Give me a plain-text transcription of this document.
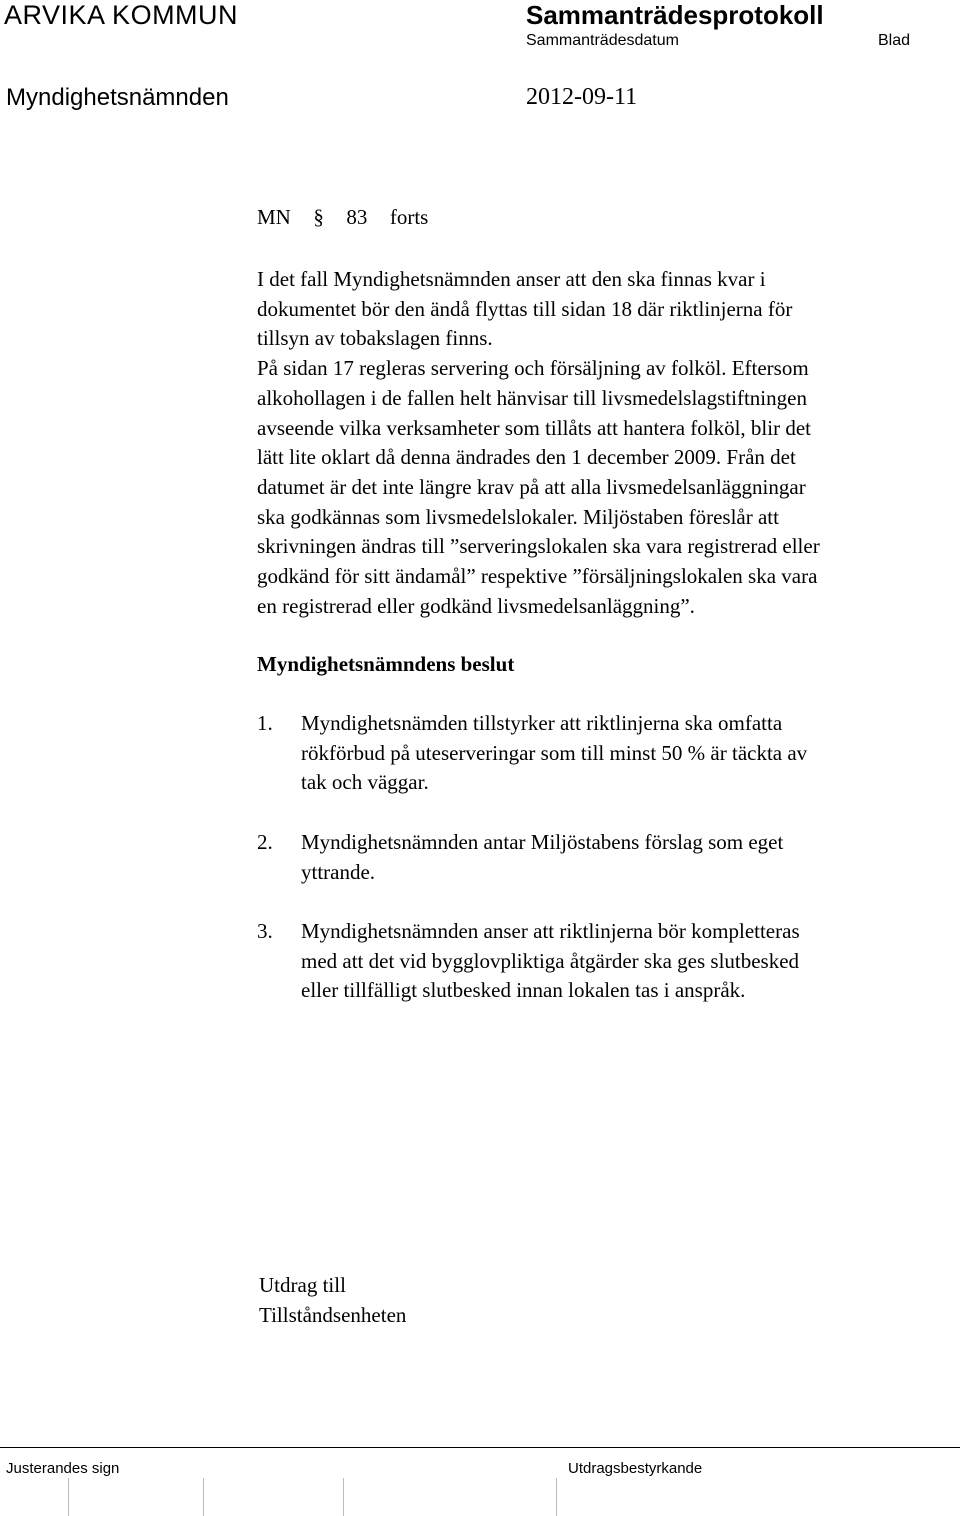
ARVIKA KOMMUN	Sammanträdesprotokoll
Sammanträdesdatum	Blad
Myndighetsnämnden	2012-09-11
MN § 83 forts
I det fall Myndighetsnämnden anser att den ska finnas kvar i
dokumentet bör den ändå flyttas till sidan 18 där riktlinjerna för
tillsyn av tobakslagen finns.
På sidan 17 regleras servering och försäljning av folköl. Eftersom
alkohollagen i de fallen helt hänvisar till livsmedelslagstiftningen
avseende vilka verksamheter som tillåts att hantera folköl, blir det
lätt lite oklart då denna ändrades den 1 december 2009. Från det
datumet är det inte längre krav på att alla livsmedelsanläggningar
ska godkännas som livsmedelslokaler. Miljöstaben föreslår att
skrivningen ändras till ”serveringslokalen ska vara registrerad eller
godkänd för sitt ändamål” respektive ”försäljningslokalen ska vara
en registrerad eller godkänd livsmedelsanläggning”.
Myndighetsnämndens beslut
1. Myndighetsnämden tillstyrker att riktlinjerna ska omfatta
rökförbud på uteserveringar som till minst 50 % är täckta av
tak och väggar.
2. Myndighetsnämnden antar Miljöstabens förslag som eget
yttrande.
3. Myndighetsnämnden anser att riktlinjerna bör kompletteras
med att det vid bygglovpliktiga åtgärder ska ges slutbesked
eller tillfälligt slutbesked innan lokalen tas i anspråk.
Utdrag till
Tillståndsenheten
Justerandes sign	Utdragsbestyrkande
